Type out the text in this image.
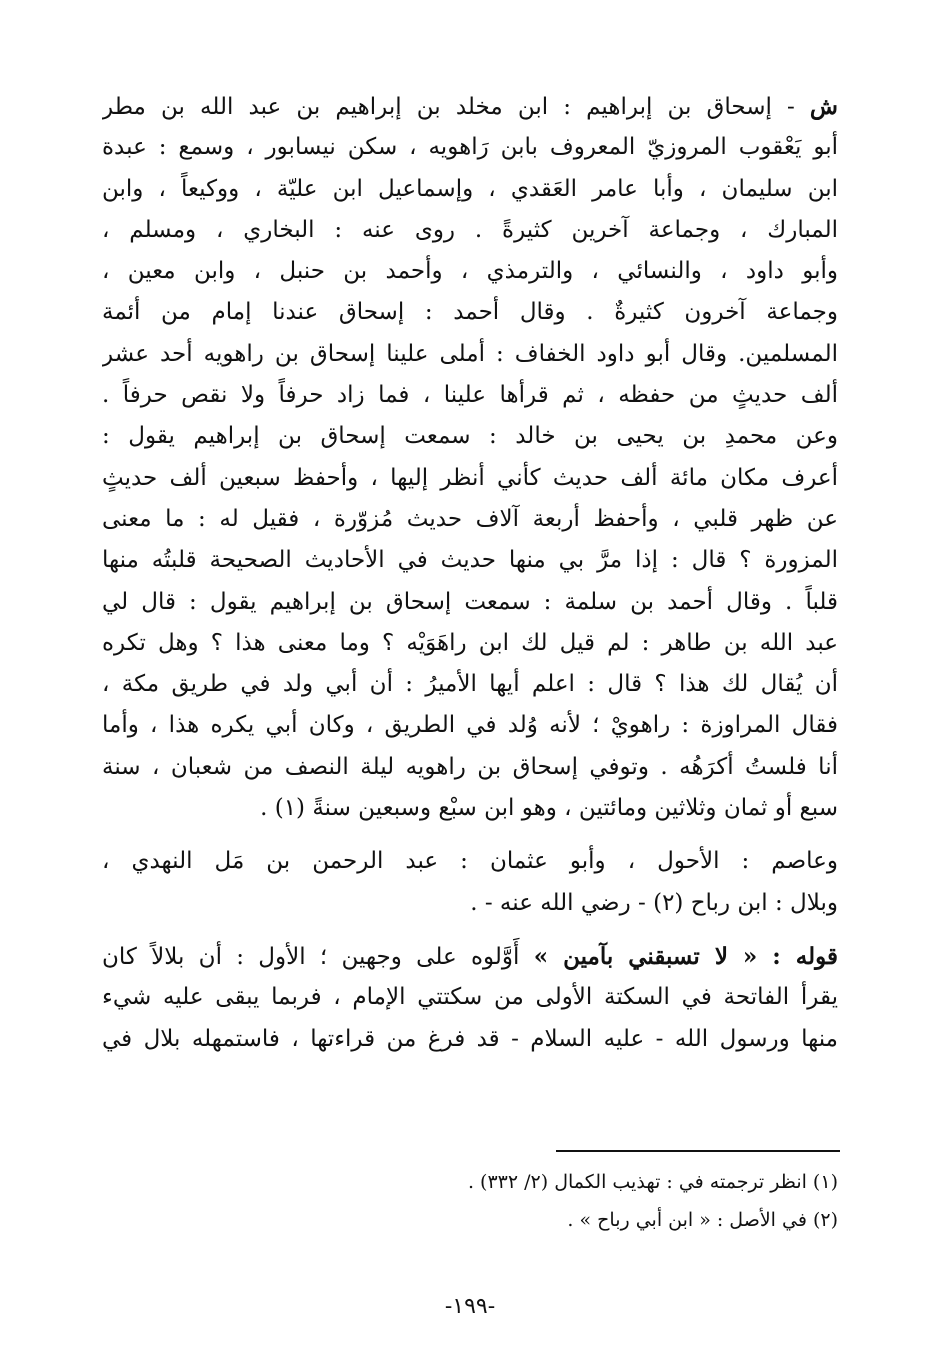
ش - إسحاق بن إبراهيم : ابن مخلد بن إبراهيم بن عبد الله بن مطر
أبو يَعْقوب المروزيّ المعروف بابن رَاهويه ، سكن نيسابور ، وسمع : عبدة
ابن سليمان ، وأبا عامر العَقدي ، وإسماعيل ابن عليّة ، ووكيعاً ، وابن
المبارك ، وجماعة آخرين كثيرةً . روى عنه : البخاري ، ومسلم ،
وأبو داود ، والنسائي ، والترمذي ، وأحمد بن حنبل ، وابن معين ،
وجماعة آخرون كثيرةٌ . وقال أحمد : إسحاق عندنا إمام من أئمة
المسلمين. وقال أبو داود الخفاف : أملى علينا إسحاق بن راهويه أحد عشر
ألف حديثٍ من حفظه ، ثم قرأها علينا ، فما زاد حرفاً ولا نقص حرفاً .
وعن محمدِ بن يحيى بن خالد : سمعت إسحاق بن إبراهيم يقول :
أعرف مكان مائة ألف حديث كأني أنظر إليها ، وأحفظ سبعين ألف حديثٍ
عن ظهر قلبي ، وأحفظ أربعة آلاف حديث مُزوّرة ، فقيل له : ما معنى
المزورة ؟ قال : إذا مرَّ بي منها حديث في الأحاديث الصحيحة قلبتُه منها
قلباً . وقال أحمد بن سلمة : سمعت إسحاق بن إبراهيم يقول : قال لي
عبد الله بن طاهر : لم قيل لك ابن راهَوَيْه ؟ وما معنى هذا ؟ وهل تكره
أن يُقال لك هذا ؟ قال : اعلم أيها الأميرُ : أن أبي ولد في طريق مكة ،
فقال المراوزة : راهويْ ؛ لأنه وُلد في الطريق ، وكان أبي يكره هذا ، وأما
أنا فلستُ أكرَهُه . وتوفي إسحاق بن راهويه ليلة النصف من شعبان ، سنة
سبع أو ثمان وثلاثين ومائتين ، وهو ابن سبْع وسبعين سنةً (١) .
وعاصم : الأحول ، وأبو عثمان : عبد الرحمن بن مَل النهدي ،
وبلال : ابن رباح (٢) - رضي الله عنه - .
قوله : « لا تسبقني بآمين » أَوَّلوه على وجهين ؛ الأول : أن بلالاً كان
يقرأ الفاتحة في السكتة الأولى من سكتتي الإمام ، فربما يبقى عليه شيء
منها ورسول الله - عليه السلام - قد فرغ من قراءتها ، فاستمهله بلال في
(١) انظر ترجمته في : تهذيب الكمال (٢/ ٣٣٢) .
(٢) في الأصل : « ابن أبي رباح » .
-١٩٩-
